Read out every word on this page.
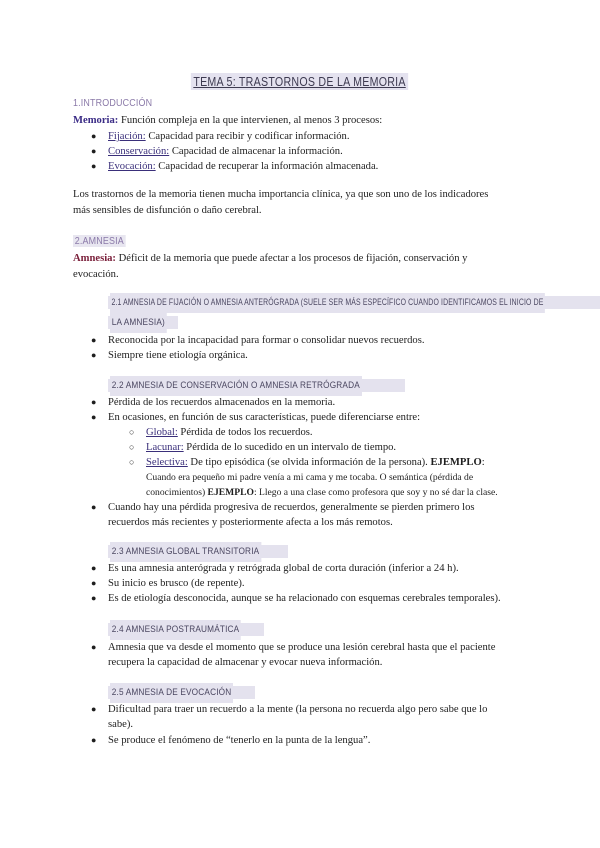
TEMA 5: TRASTORNOS DE LA MEMORIA
1.INTRODUCCIÓN
Memoria: Función compleja en la que intervienen, al menos 3 procesos:
● Fijación: Capacidad para recibir y codificar información.
● Conservación: Capacidad de almacenar la información.
● Evocación: Capacidad de recuperar la información almacenada.
Los trastornos de la memoria tienen mucha importancia clínica, ya que son uno de los indicadores
más sensibles de disfunción o daño cerebral.
2.AMNESIA
Amnesia: Déficit de la memoria que puede afectar a los procesos de fijación, conservación y
evocación.
2.1 AMNESIA DE FIJACIÓN O AMNESIA ANTERÓGRADA (SUELE SER MÁS ESPECÍFICO CUANDO IDENTIFICAMOS EL INICIO DE
LA AMNESIA)
● Reconocida por la incapacidad para formar o consolidar nuevos recuerdos.
● Siempre tiene etiología orgánica.
2.2 AMNESIA DE CONSERVACIÓN O AMNESIA RETRÓGRADA
● Pérdida de los recuerdos almacenados en la memoria.
● En ocasiones, en función de sus características, puede diferenciarse entre:
○ Global: Pérdida de todos los recuerdos.
○ Lacunar: Pérdida de lo sucedido en un intervalo de tiempo.
○ Selectiva: De tipo episódica (se olvida información de la persona). EJEMPLO:
Cuando era pequeño mi padre venía a mi cama y me tocaba. O semántica (pérdida de
conocimientos) EJEMPLO: Llego a una clase como profesora que soy y no sé dar la clase.
● Cuando hay una pérdida progresiva de recuerdos, generalmente se pierden primero los
recuerdos más recientes y posteriormente afecta a los más remotos.
2.3 AMNESIA GLOBAL TRANSITORIA
● Es una amnesia anterógrada y retrógrada global de corta duración (inferior a 24 h).
● Su inicio es brusco (de repente).
● Es de etiología desconocida, aunque se ha relacionado con esquemas cerebrales temporales).
2.4 AMNESIA POSTRAUMÁTICA
● Amnesia que va desde el momento que se produce una lesión cerebral hasta que el paciente
recupera la capacidad de almacenar y evocar nueva información.
2.5 AMNESIA DE EVOCACIÓN
● Dificultad para traer un recuerdo a la mente (la persona no recuerda algo pero sabe que lo
sabe).
● Se produce el fenómeno de “tenerlo en la punta de la lengua”.
